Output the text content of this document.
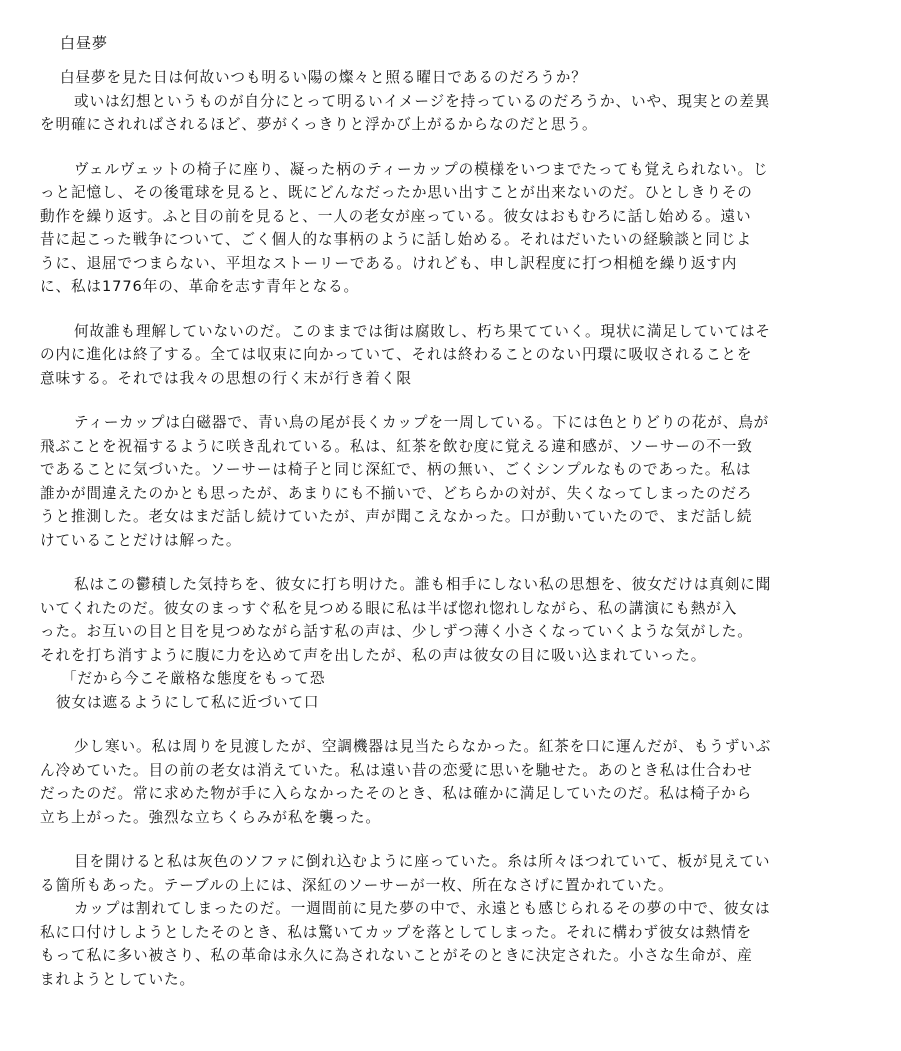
白昼夢

白昼夢を見た日は何故いつも明るい陽の燦々と照る曜日であるのだろうか？

或いは幻想というものが自分にとって明るいイメージを持っているのだろうか、いや、現実との差異

を明確にされればされるほど、夢がくっきりと浮かび上がるからなのだと思う。

ヴェルヴェットの椅子に座り、凝った柄のティーカップの模様をいつまでたっても覚えられない。じ

っと記憶し、その後電球を見ると、既にどんなだったか思い出すことが出来ないのだ。ひとしきりその

動作を繰り返す。ふと目の前を見ると、一人の老女が座っている。彼女はおもむろに話し始める。遠い

昔に起こった戦争について、ごく個人的な事柄のように話し始める。それはだいたいの経験談と同じよ

うに、退屈でつまらない、平坦なストーリーである。けれども、申し訳程度に打つ相槌を繰り返す内

に、私は1776年の、革命を志す青年となる。

何故誰も理解していないのだ。このままでは街は腐敗し、朽ち果てていく。現状に満足していてはそ

の内に進化は終了する。全ては収束に向かっていて、それは終わることのない円環に吸収されることを

意味する。それでは我々の思想の行く末が行き着く限

ティーカップは白磁器で、青い鳥の尾が長くカップを一周している。下には色とりどりの花が、鳥が

飛ぶことを祝福するように咲き乱れている。私は、紅茶を飲む度に覚える違和感が、ソーサーの不一致

であることに気づいた。ソーサーは椅子と同じ深紅で、柄の無い、ごくシンプルなものであった。私は

誰かが間違えたのかとも思ったが、あまりにも不揃いで、どちらかの対が、失くなってしまったのだろ

うと推測した。老女はまだ話し続けていたが、声が聞こえなかった。口が動いていたので、まだ話し続

けていることだけは解った。

私はこの鬱積した気持ちを、彼女に打ち明けた。誰も相手にしない私の思想を、彼女だけは真剣に聞

いてくれたのだ。彼女のまっすぐ私を見つめる眼に私は半ば惚れ惚れしながら、私の講演にも熱が入

った。お互いの目と目を見つめながら話す私の声は、少しずつ薄く小さくなっていくような気がした。

それを打ち消すように腹に力を込めて声を出したが、私の声は彼女の目に吸い込まれていった。

「だから今こそ厳格な態度をもって恐

彼女は遮るようにして私に近づいて口

少し寒い。私は周りを見渡したが、空調機器は見当たらなかった。紅茶を口に運んだが、もうずいぶ

ん冷めていた。目の前の老女は消えていた。私は遠い昔の恋愛に思いを馳せた。あのとき私は仕合わせ

だったのだ。常に求めた物が手に入らなかったそのとき、私は確かに満足していたのだ。私は椅子から

立ち上がった。強烈な立ちくらみが私を襲った。

目を開けると私は灰色のソファに倒れ込むように座っていた。糸は所々ほつれていて、板が見えてい

る箇所もあった。テーブルの上には、深紅のソーサーが一枚、所在なさげに置かれていた。

カップは割れてしまったのだ。一週間前に見た夢の中で、永遠とも感じられるその夢の中で、彼女は

私に口付けしようとしたそのとき、私は驚いてカップを落としてしまった。それに構わず彼女は熱情を

もって私に多い被さり、私の革命は永久に為されないことがそのときに決定された。小さな生命が、産

まれようとしていた。
